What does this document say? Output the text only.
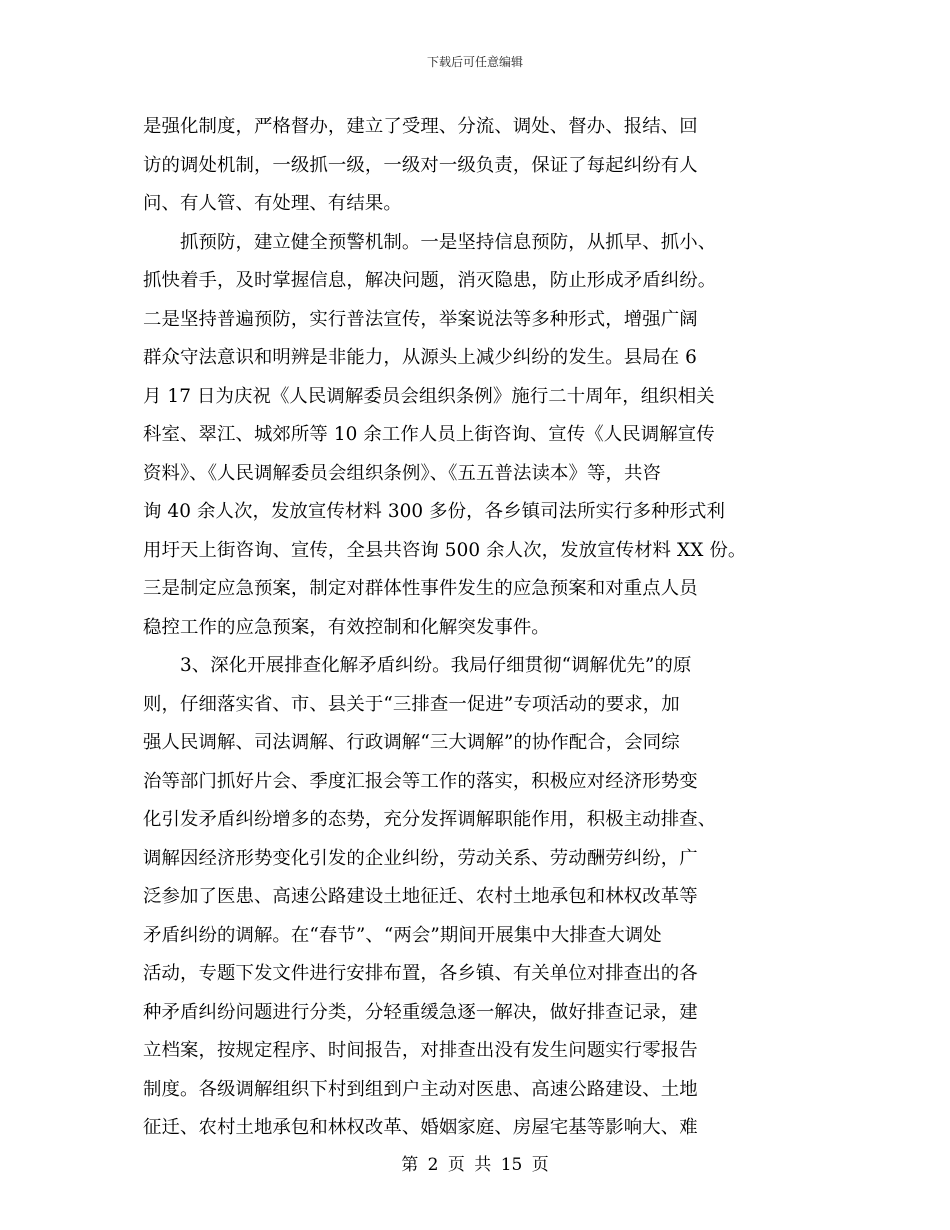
下载后可任意编辑
是强化制度，严格督办，建立了受理、分流、调处、督办、报结、回
访的调处机制，一级抓一级，一级对一级负责，保证了每起纠纷有人
问、有人管、有处理、有结果。
　　抓预防，建立健全预警机制。一是坚持信息预防，从抓早、抓小、
抓快着手，及时掌握信息，解决问题，消灭隐患，防止形成矛盾纠纷。
二是坚持普遍预防，实行普法宣传，举案说法等多种形式，增强广阔
群众守法意识和明辨是非能力，从源头上减少纠纷的发生。县局在 6
月 17 日为庆祝《人民调解委员会组织条例》施行二十周年，组织相关
科室、翠江、城郊所等 10 余工作人员上街咨询、宣传《人民调解宣传
资料》、《人民调解委员会组织条例》、《五五普法读本》等，共咨
询 40 余人次，发放宣传材料 300 多份，各乡镇司法所实行多种形式利
用圩天上街咨询、宣传，全县共咨询 500 余人次，发放宣传材料 XX 份。
三是制定应急预案，制定对群体性事件发生的应急预案和对重点人员
稳控工作的应急预案，有效控制和化解突发事件。
　　3、深化开展排查化解矛盾纠纷。我局仔细贯彻“调解优先”的原
则，仔细落实省、市、县关于“三排查一促进”专项活动的要求，加
强人民调解、司法调解、行政调解“三大调解”的协作配合，会同综
治等部门抓好片会、季度汇报会等工作的落实，积极应对经济形势变
化引发矛盾纠纷增多的态势，充分发挥调解职能作用，积极主动排查、
调解因经济形势变化引发的企业纠纷，劳动关系、劳动酬劳纠纷，广
泛参加了医患、高速公路建设土地征迁、农村土地承包和林权改革等
矛盾纠纷的调解。在“春节”、“两会”期间开展集中大排查大调处
活动，专题下发文件进行安排布置，各乡镇、有关单位对排查出的各
种矛盾纠纷问题进行分类，分轻重缓急逐一解决，做好排查记录，建
立档案，按规定程序、时间报告，对排查出没有发生问题实行零报告
制度。各级调解组织下村到组到户主动对医患、高速公路建设、土地
征迁、农村土地承包和林权改革、婚姻家庭、房屋宅基等影响大、难
第 2 页 共 15 页
